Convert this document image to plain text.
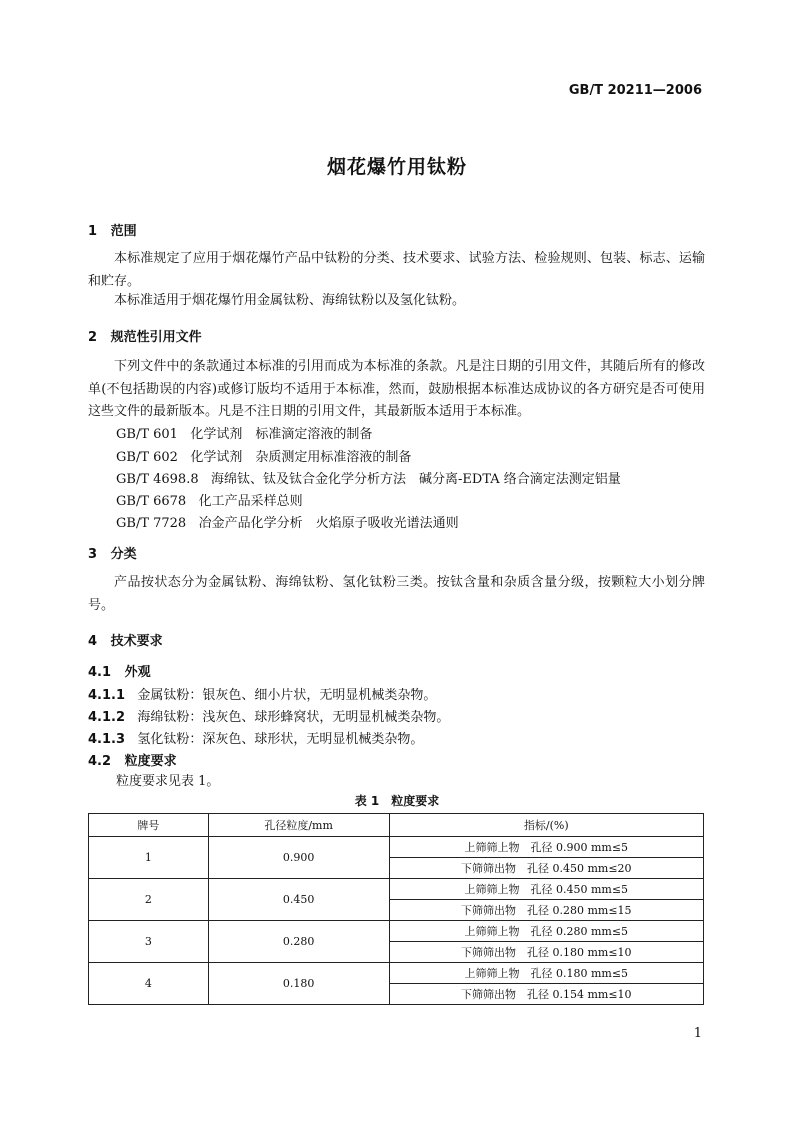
GB/T 20211—2006
烟花爆竹用钛粉
1 范围
本标准规定了应用于烟花爆竹产品中钛粉的分类、技术要求、试验方法、检验规则、包装、标志、运输和贮存。
本标准适用于烟花爆竹用金属钛粉、海绵钛粉以及氢化钛粉。
2 规范性引用文件
下列文件中的条款通过本标准的引用而成为本标准的条款。凡是注日期的引用文件，其随后所有的修改单(不包括勘误的内容)或修订版均不适用于本标准，然而，鼓励根据本标准达成协议的各方研究是否可使用这些文件的最新版本。凡是不注日期的引用文件，其最新版本适用于本标准。
GB/T 601 化学试剂　标准滴定溶液的制备
GB/T 602 化学试剂　杂质测定用标准溶液的制备
GB/T 4698.8 海绵钛、钛及钛合金化学分析方法　碱分离-EDTA 络合滴定法测定铝量
GB/T 6678 化工产品采样总则
GB/T 7728 冶金产品化学分析　火焰原子吸收光谱法通则
3 分类
产品按状态分为金属钛粉、海绵钛粉、氢化钛粉三类。按钛含量和杂质含量分级，按颗粒大小划分牌号。
4 技术要求
4.1 外观
4.1.1 金属钛粉：银灰色、细小片状，无明显机械类杂物。
4.1.2 海绵钛粉：浅灰色、球形蜂窝状，无明显机械类杂物。
4.1.3 氢化钛粉：深灰色、球形状，无明显机械类杂物。
4.2 粒度要求
粒度要求见表 1。
表 1　粒度要求
牌号	孔径粒度/mm	指标/(%)
1	0.900	上筛筛上物　孔径 0.900 mm≤5
		下筛筛出物　孔径 0.450 mm≤20
2	0.450	上筛筛上物　孔径 0.450 mm≤5
		下筛筛出物　孔径 0.280 mm≤15
3	0.280	上筛筛上物　孔径 0.280 mm≤5
		下筛筛出物　孔径 0.180 mm≤10
4	0.180	上筛筛上物　孔径 0.180 mm≤5
		下筛筛出物　孔径 0.154 mm≤10
1
